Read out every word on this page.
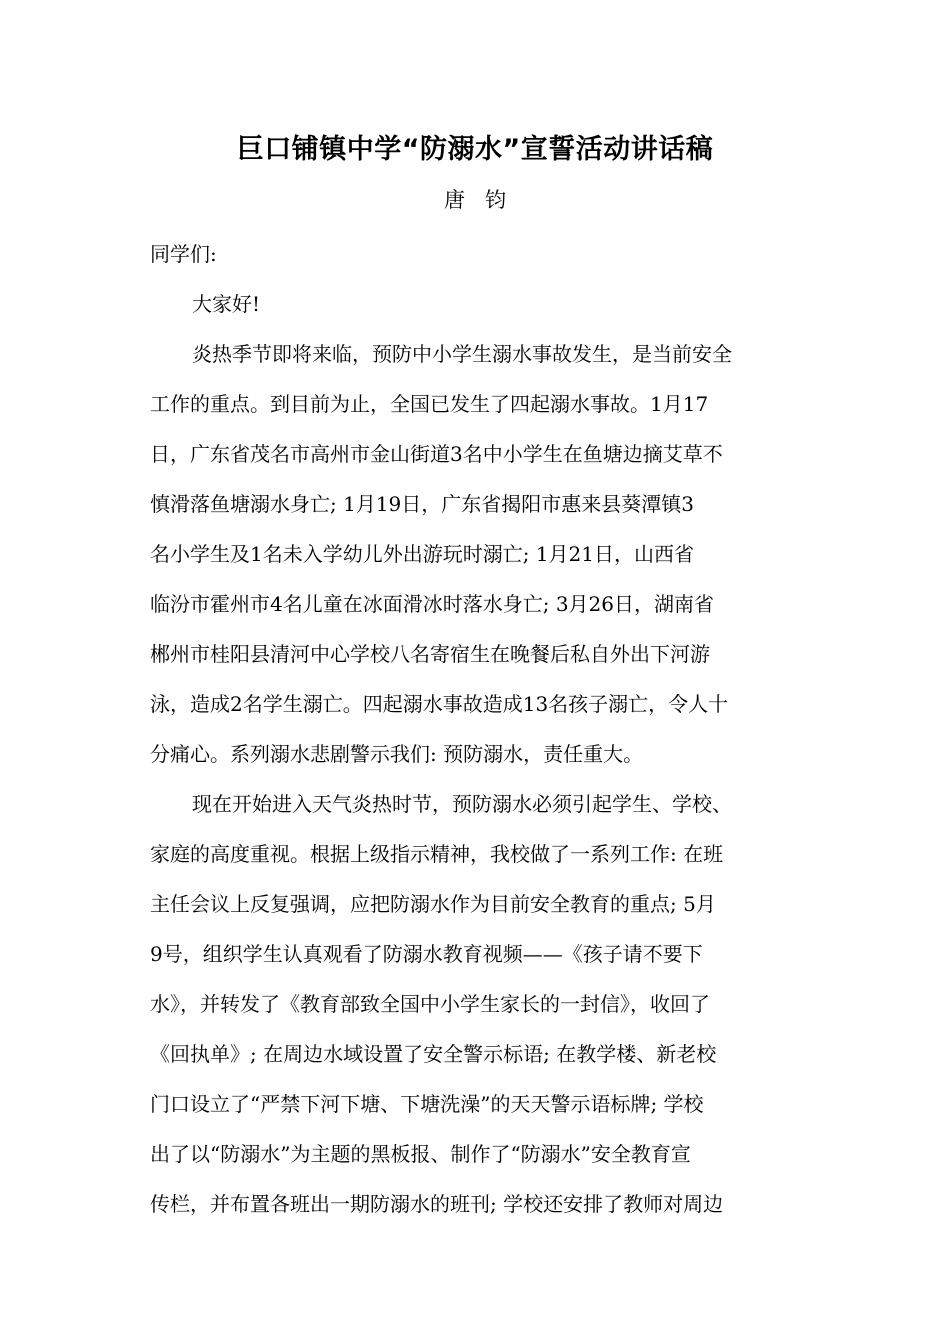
巨口铺镇中学“防溺水”宣誓活动讲话稿
唐钧
同学们:
大家好!
炎热季节即将来临，预防中小学生溺水事故发生，是当前安全
工作的重点。到目前为止，全国已发生了四起溺水事故。1月17
日，广东省茂名市高州市金山街道3名中小学生在鱼塘边摘艾草不
慎滑落鱼塘溺水身亡; 1月19日，广东省揭阳市惠来县葵潭镇3
名小学生及1名未入学幼儿外出游玩时溺亡; 1月21日，山西省
临汾市霍州市4名儿童在冰面滑冰时落水身亡; 3月26日，湖南省
郴州市桂阳县清河中心学校八名寄宿生在晚餐后私自外出下河游
泳，造成2名学生溺亡。四起溺水事故造成13名孩子溺亡，令人十
分痛心。系列溺水悲剧警示我们: 预防溺水，责任重大。
现在开始进入天气炎热时节，预防溺水必须引起学生、学校、
家庭的高度重视。根据上级指示精神，我校做了一系列工作: 在班
主任会议上反复强调，应把防溺水作为目前安全教育的重点; 5月
9号，组织学生认真观看了防溺水教育视频——《孩子请不要下
水》，并转发了《教育部致全国中小学生家长的一封信》，收回了
《回执单》; 在周边水域设置了安全警示标语; 在教学楼、新老校
门口设立了“严禁下河下塘、下塘洗澡”的天天警示语标牌; 学校
出了以“防溺水”为主题的黑板报、制作了“防溺水”安全教育宣
传栏，并布置各班出一期防溺水的班刊; 学校还安排了教师对周边
